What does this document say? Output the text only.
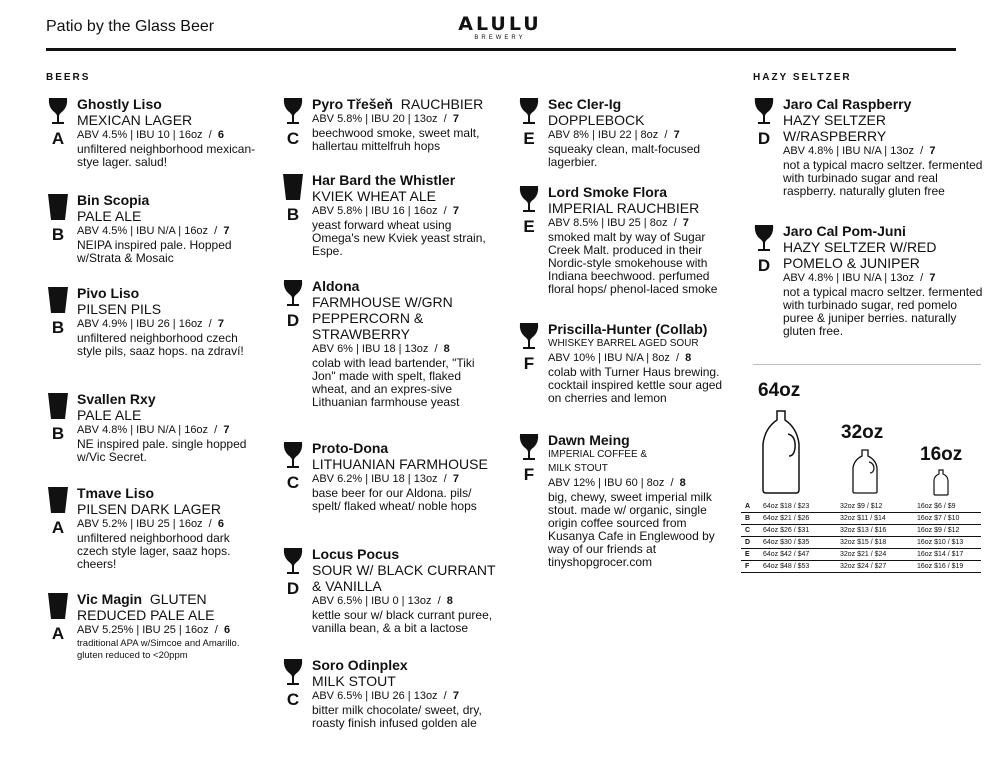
Patio by the Glass Beer	ALULU
BREWERY
BEERS	HAZY SELTZER
A
Ghostly Liso
MEXICAN LAGER
ABV 4.5% | IBU 10 | 16oz  /  6
unfiltered neighborhood mexican-stye lager. salud!
B
Bin Scopia
PALE ALE
ABV 4.5% | IBU N/A | 16oz  /  7
NEIPA inspired pale. Hopped w/Strata & Mosaic
B
Pivo Liso
PILSEN PILS
ABV 4.9% | IBU 26 | 16oz  /  7
unfiltered neighborhood czech style pils, saaz hops. na zdraví!
B
Svallen Rxy
PALE ALE
ABV 4.8% | IBU N/A | 16oz  /  7
NE inspired pale. single hopped w/Vic Secret.
A
Tmave Liso
PILSEN DARK LAGER
ABV 5.2% | IBU 25 | 16oz  /  6
unfiltered neighborhood dark czech style lager, saaz hops. cheers!
A
Vic Magin GLUTEN
REDUCED PALE ALE
ABV 5.25% | IBU 25 | 16oz  /  6
traditional APA w/Simcoe and Amarillo. gluten reduced to <20ppm
C
Pyro Třešeň RAUCHBIER
ABV 5.8% | IBU 20 | 13oz  /  7
beechwood smoke, sweet malt, hallertau mittelfruh hops
B
Har Bard the Whistler
KVIEK WHEAT ALE
ABV 5.8% | IBU 16 | 16oz  /  7
yeast forward wheat using Omega's new Kviek yeast strain, Espe.
D
Aldona
FARMHOUSE W/GRN PEPPERCORN & STRAWBERRY
ABV 6% | IBU 18 | 13oz  /  8
colab with lead bartender, "Tiki Jon" made with spelt, flaked wheat, and an expres-sive Lithuanian farmhouse yeast
C
Proto-Dona
LITHUANIAN FARMHOUSE
ABV 6.2% | IBU 18 | 13oz  /  7
base beer for our Aldona. pils/ spelt/ flaked wheat/ noble hops
D
Locus Pocus
SOUR W/ BLACK CURRANT & VANILLA
ABV 6.5% | IBU 0 | 13oz  /  8
kettle sour w/ black currant puree, vanilla bean, & a bit a lactose
C
Soro Odinplex
MILK STOUT
ABV 6.5% | IBU 26 | 13oz  /  7
bitter milk chocolate/ sweet, dry, roasty finish infused golden ale
E
Sec Cler-Ig
DOPPLEBOCK
ABV 8% | IBU 22 | 8oz  /  7
squeaky clean, malt-focused lagerbier.
E
Lord Smoke Flora
IMPERIAL RAUCHBIER
ABV 8.5% | IBU 25 | 8oz  /  7
smoked malt by way of Sugar Creek Malt. produced in their Nordic-style smokehouse with Indiana beechwood. perfumed floral hops/ phenol-laced smoke
F
Priscilla-Hunter (Collab)
WHISKEY BARREL AGED SOUR
ABV 10% | IBU N/A | 8oz  /  8
colab with Turner Haus brewing. cocktail inspired kettle sour aged on cherries and lemon
F
Dawn Meing
IMPERIAL COFFEE & MILK STOUT
ABV 12% | IBU 60 | 8oz  /  8
big, chewy, sweet imperial milk stout. made w/ organic, single origin coffee sourced from Kusanya Cafe in Englewood by way of our friends at tinyshopgrocer.com
D
Jaro Cal Raspberry
HAZY SELTZER W/RASPBERRY
ABV 4.8% | IBU N/A | 13oz  /  7
not a typical macro seltzer. fermented with turbinado sugar and real raspberry. naturally gluten free
D
Jaro Cal Pom-Juni
HAZY SELTZER W/RED POMELO & JUNIPER
ABV 4.8% | IBU N/A | 13oz  /  7
not a typical macro seltzer. fermented with turbinado sugar, red pomelo puree & juniper berries. naturally gluten free.
64oz
32oz
16oz
A 64oz $18 / $23	32oz $9 / $12	16oz $6 / $9
B 64oz $21 / $26	32oz $11 / $14	16oz $7 / $10
C 64oz $26 / $31	32oz $13 / $16	16oz $9 / $12
D 64oz $30 / $35	32oz $15 / $18	16oz $10 / $13
E 64oz $42 / $47	32oz $21 / $24	16oz $14 / $17
F 64oz $48 / $53	32oz $24 / $27	16oz $16 / $19
